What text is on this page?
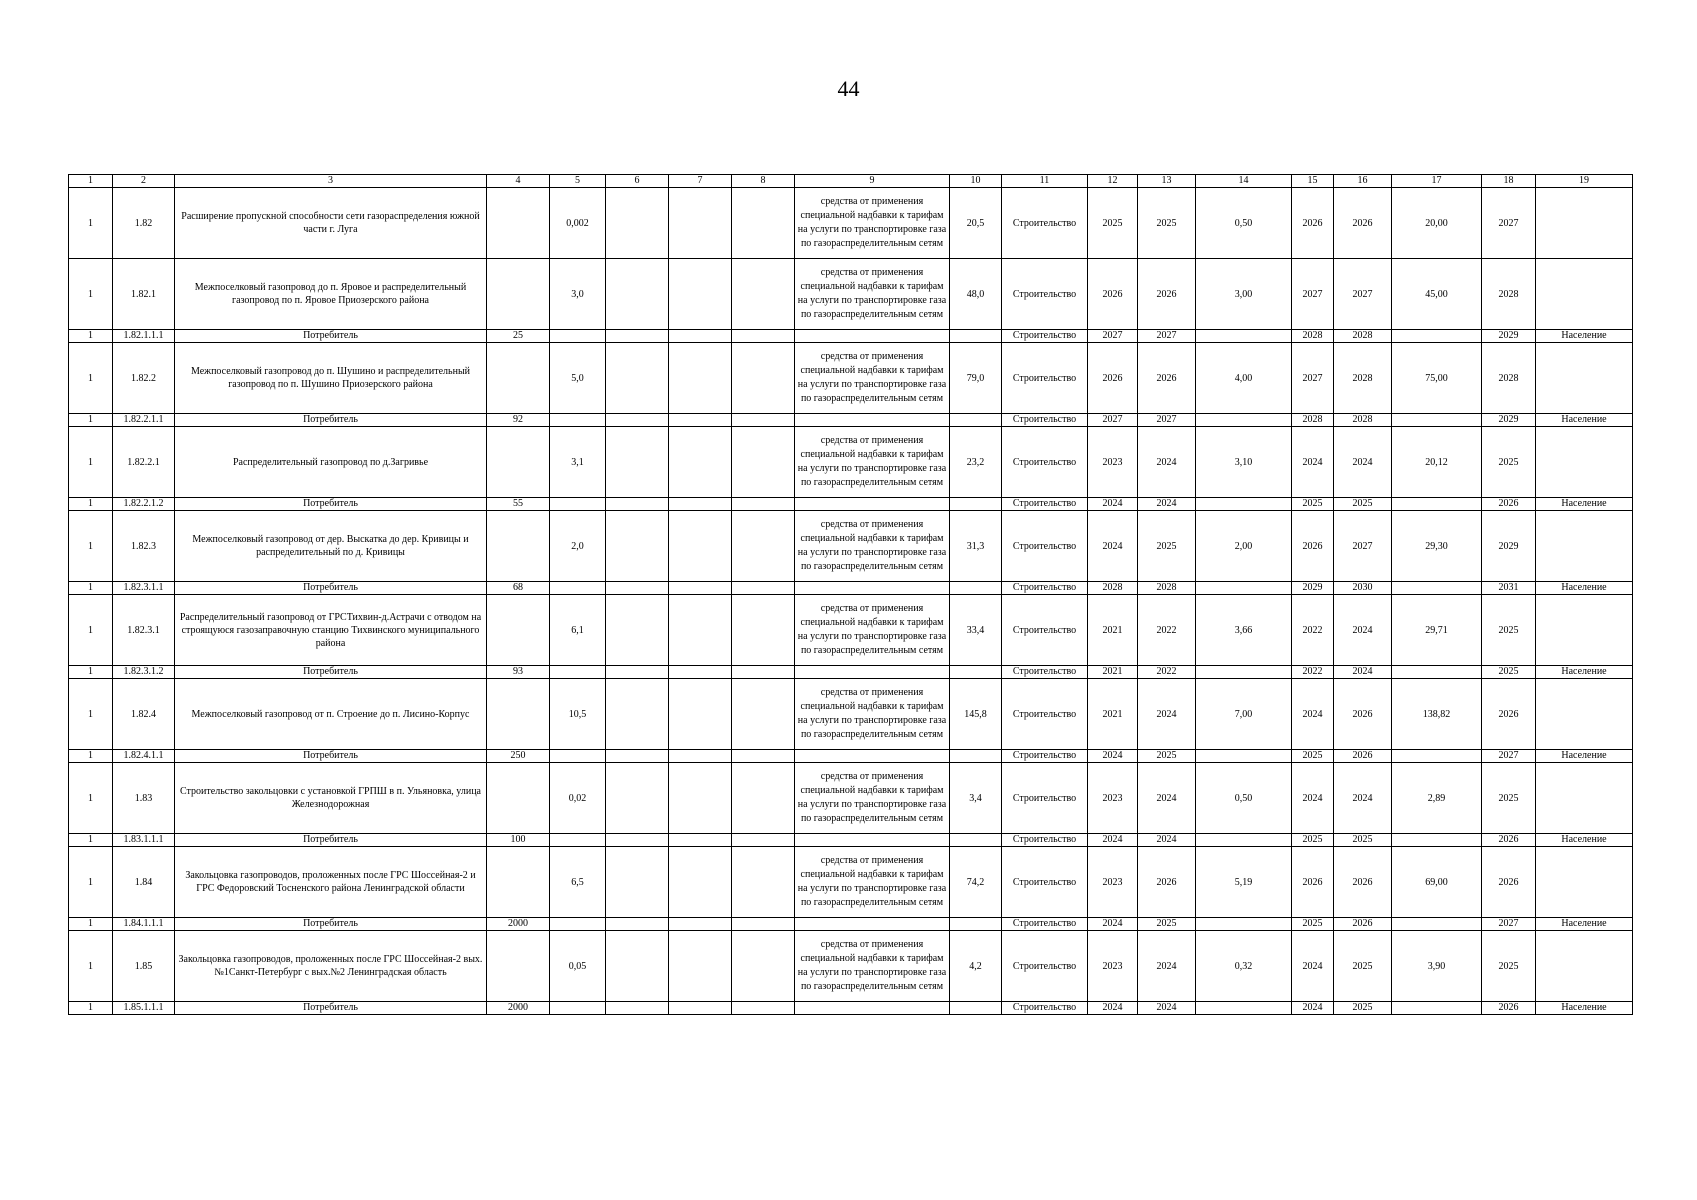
44
1	2	3	4	5	6	7	8	9	10	11	12	13	14	15	16	17	18	19
1	1.82	Расширение пропускной способности сети газораспределения южной части г. Луга		0,002				средства от применения специальной надбавки к тарифам на услуги по транспортировке газа по газораспределительным сетям	20,5	Строительство	2025	2025	0,50	2026	2026	20,00	2027	
1	1.82.1	Межпоселковый газопровод до п. Яровое и распределительный газопровод по п. Яровое Приозерского района		3,0				средства от применения специальной надбавки к тарифам на услуги по транспортировке газа по газораспределительным сетям	48,0	Строительство	2026	2026	3,00	2027	2027	45,00	2028	
1	1.82.1.1.1	Потребитель	25							Строительство	2027	2027		2028	2028		2029	Население
1	1.82.2	Межпоселковый газопровод до п. Шушино и распределительный газопровод по п. Шушино Приозерского района		5,0				средства от применения специальной надбавки к тарифам на услуги по транспортировке газа по газораспределительным сетям	79,0	Строительство	2026	2026	4,00	2027	2028	75,00	2028	
1	1.82.2.1.1	Потребитель	92							Строительство	2027	2027		2028	2028		2029	Население
1	1.82.2.1	Распределительный газопровод по д.Загривье		3,1				средства от применения специальной надбавки к тарифам на услуги по транспортировке газа по газораспределительным сетям	23,2	Строительство	2023	2024	3,10	2024	2024	20,12	2025	
1	1.82.2.1.2	Потребитель	55							Строительство	2024	2024		2025	2025		2026	Население
1	1.82.3	Межпоселковый газопровод от дер. Выскатка до дер. Кривицы и распределительный по д. Кривицы		2,0				средства от применения специальной надбавки к тарифам на услуги по транспортировке газа по газораспределительным сетям	31,3	Строительство	2024	2025	2,00	2026	2027	29,30	2029	
1	1.82.3.1.1	Потребитель	68							Строительство	2028	2028		2029	2030		2031	Население
1	1.82.3.1	Распределительный газопровод от ГРСТихвин-д.Астрачи с отводом на строящуюся газозаправочную станцию Тихвинского муниципального района		6,1				средства от применения специальной надбавки к тарифам на услуги по транспортировке газа по газораспределительным сетям	33,4	Строительство	2021	2022	3,66	2022	2024	29,71	2025	
1	1.82.3.1.2	Потребитель	93							Строительство	2021	2022		2022	2024		2025	Население
1	1.82.4	Межпоселковый газопровод от п. Строение до п. Лисино-Корпус		10,5				средства от применения специальной надбавки к тарифам на услуги по транспортировке газа по газораспределительным сетям	145,8	Строительство	2021	2024	7,00	2024	2026	138,82	2026	
1	1.82.4.1.1	Потребитель	250							Строительство	2024	2025		2025	2026		2027	Население
1	1.83	Строительство закольцовки с установкой ГРПШ в п. Ульяновка, улица Железнодорожная		0,02				средства от применения специальной надбавки к тарифам на услуги по транспортировке газа по газораспределительным сетям	3,4	Строительство	2023	2024	0,50	2024	2024	2,89	2025	
1	1.83.1.1.1	Потребитель	100							Строительство	2024	2024		2025	2025		2026	Население
1	1.84	Закольцовка газопроводов, проложенных после ГРС Шоссейная-2 и ГРС Федоровский Тосненского района Ленинградской области		6,5				средства от применения специальной надбавки к тарифам на услуги по транспортировке газа по газораспределительным сетям	74,2	Строительство	2023	2026	5,19	2026	2026	69,00	2026	
1	1.84.1.1.1	Потребитель	2000							Строительство	2024	2025		2025	2026		2027	Население
1	1.85	Закольцовка газопроводов, проложенных после ГРС Шоссейная-2 вых.№1Санкт-Петербург с вых.№2 Ленинградская область		0,05				средства от применения специальной надбавки к тарифам на услуги по транспортировке газа по газораспределительным сетям	4,2	Строительство	2023	2024	0,32	2024	2025	3,90	2025	
1	1.85.1.1.1	Потребитель	2000							Строительство	2024	2024		2024	2025		2026	Население
